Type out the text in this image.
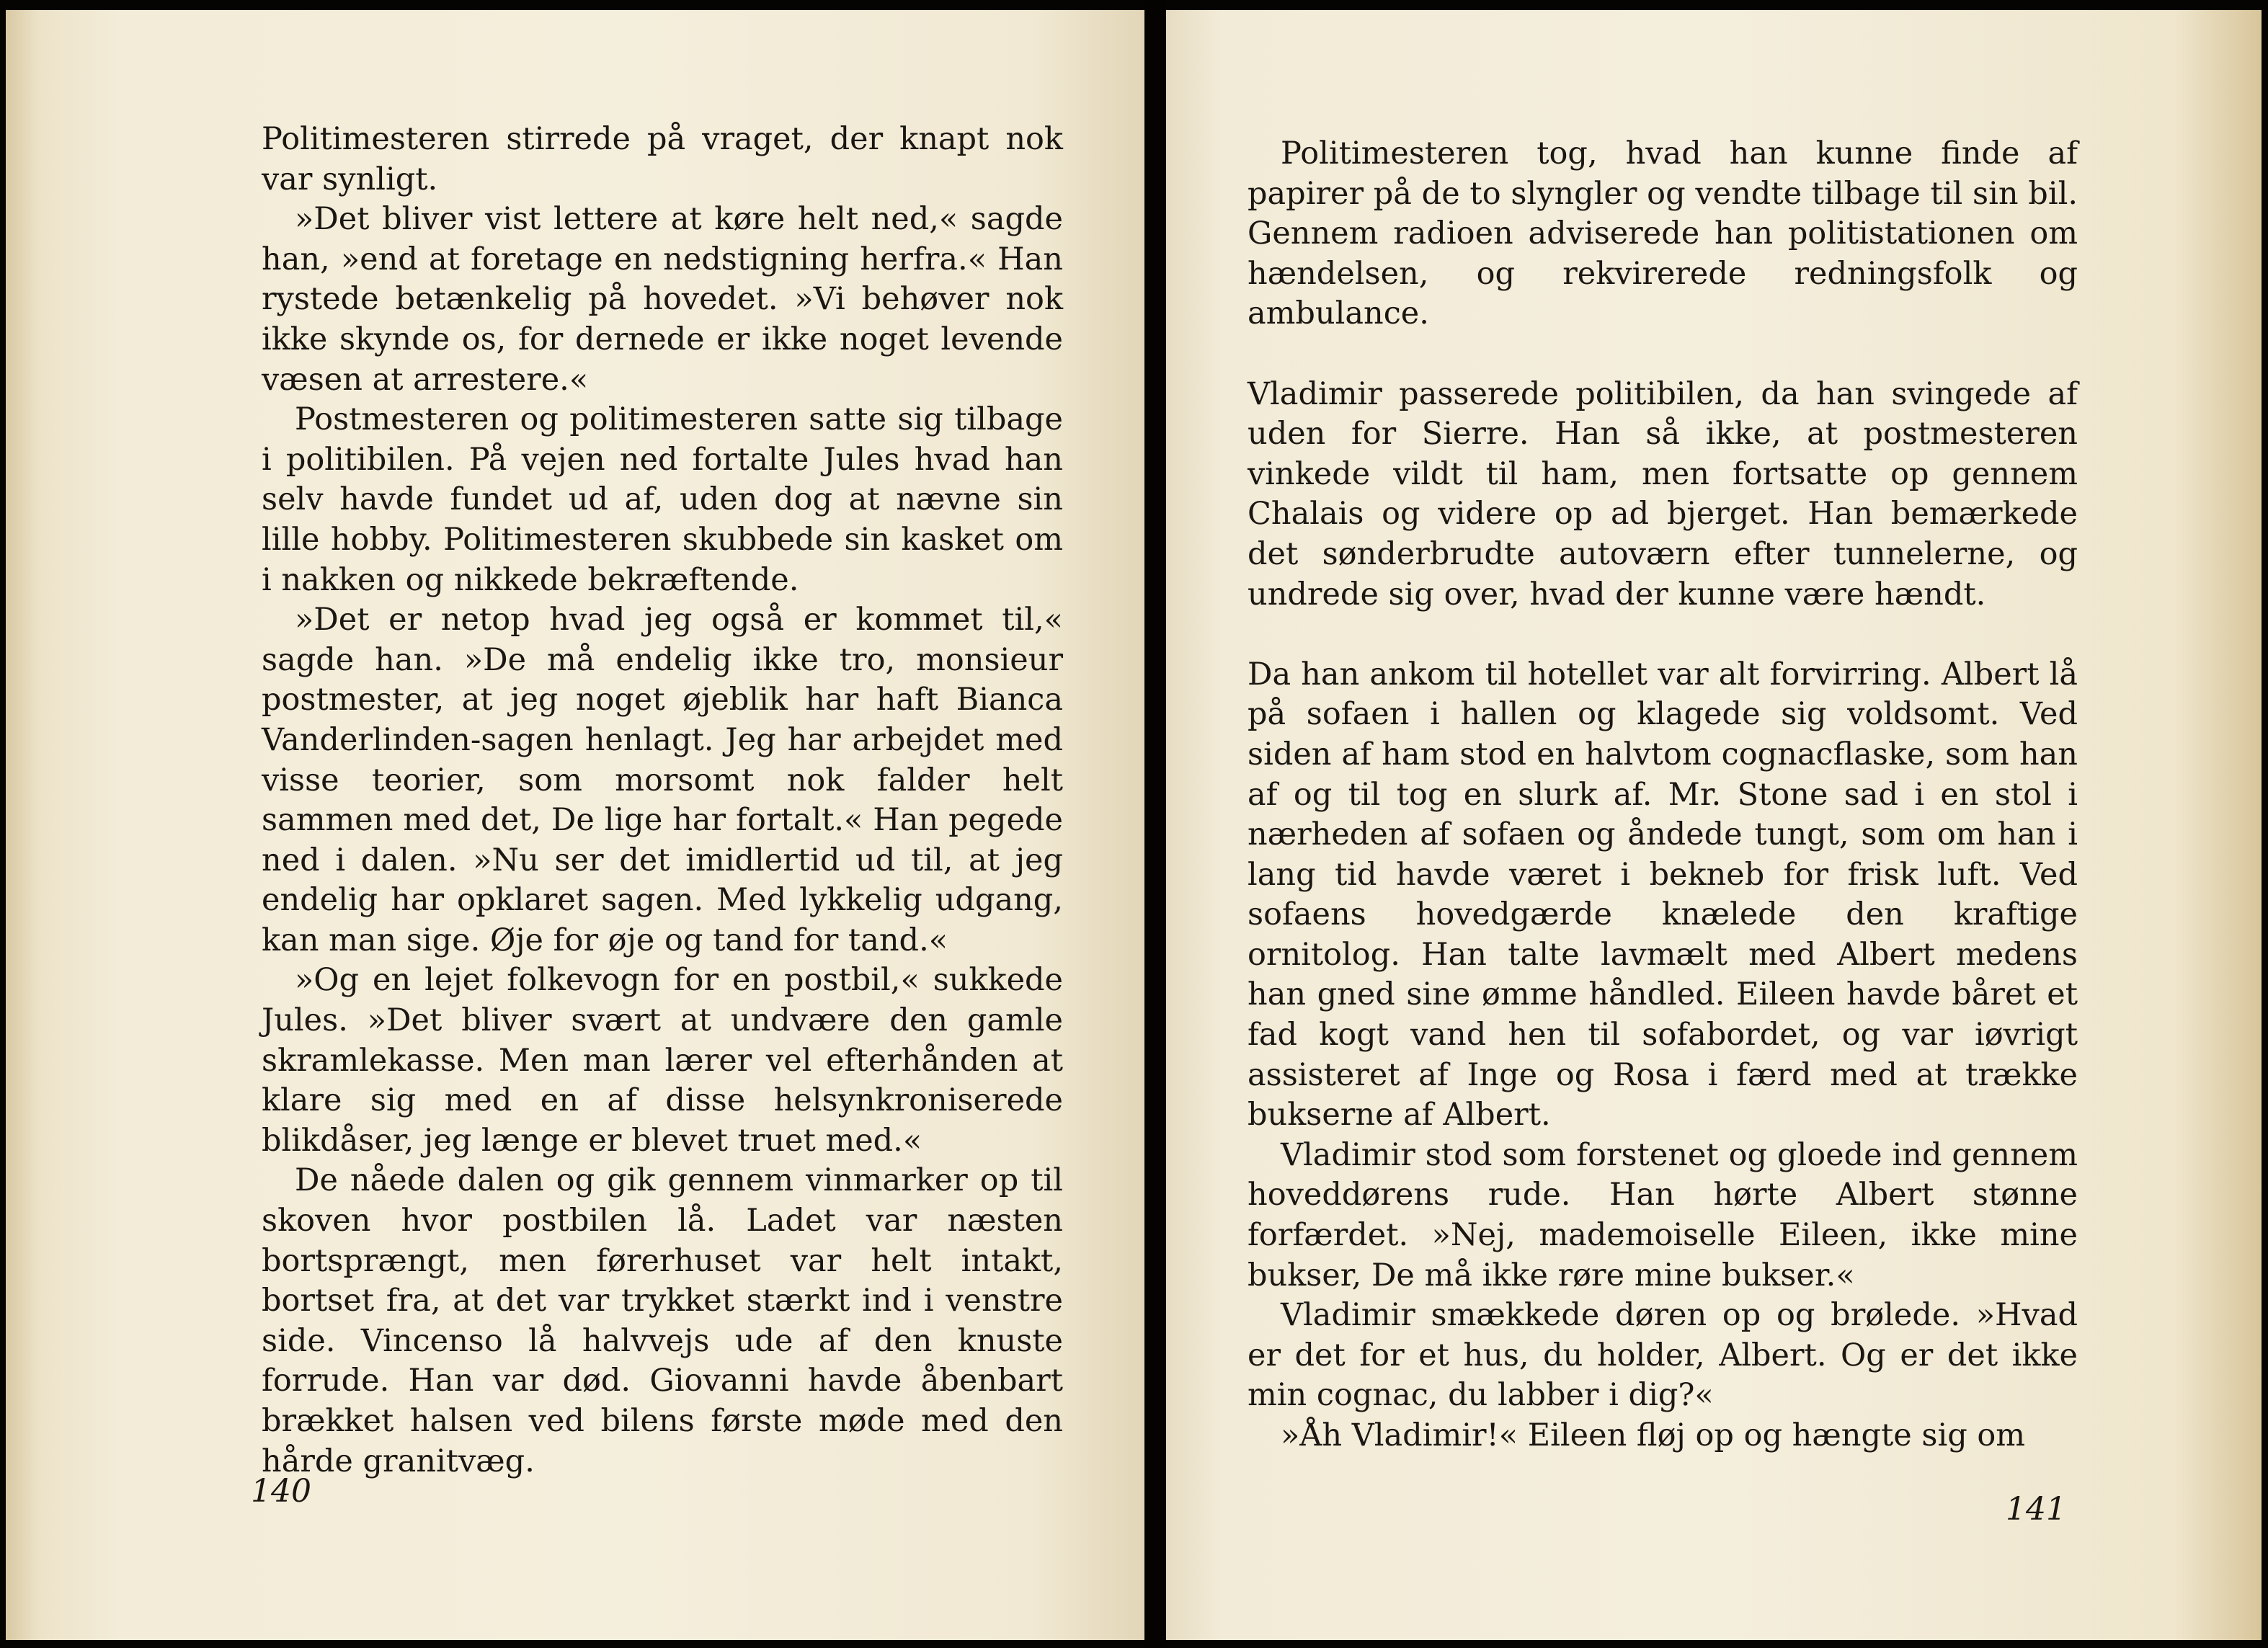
Politimesteren stirrede på vraget, der knapt nok var synligt.

»Det bliver vist lettere at køre helt ned,« sagde han, »end at foretage en nedstigning herfra.« Han rystede betænkelig på hovedet. »Vi behøver nok ikke skynde os, for dernede er ikke noget levende væsen at arrestere.«

Postmesteren og politimesteren satte sig tilbage i politibilen. På vejen ned fortalte Jules hvad han selv havde fundet ud af, uden dog at nævne sin lille hobby. Politimesteren skubbede sin kasket om i nakken og nikkede bekræftende.

»Det er netop hvad jeg også er kommet til,« sagde han. »De må endelig ikke tro, monsieur postmester, at jeg noget øjeblik har haft Bianca Vanderlinden-sagen henlagt. Jeg har arbejdet med visse teorier, som morsomt nok falder helt sammen med det, De lige har fortalt.« Han pegede ned i dalen. »Nu ser det imidlertid ud til, at jeg endelig har opklaret sagen. Med lykkelig udgang, kan man sige. Øje for øje og tand for tand.«

»Og en lejet folkevogn for en postbil,« sukkede Jules. »Det bliver svært at undvære den gamle skramlekasse. Men man lærer vel efterhånden at klare sig med en af disse helsynkroniserede blikdåser, jeg længe er blevet truet med.«

De nåede dalen og gik gennem vinmarker op til skoven hvor postbilen lå. Ladet var næsten bortsprængt, men førerhuset var helt intakt, bortset fra, at det var trykket stærkt ind i venstre side. Vincenso lå halvvejs ude af den knuste forrude. Han var død. Giovanni havde åbenbart brækket halsen ved bilens første møde med den hårde granitvæg.

140

Politimesteren tog, hvad han kunne finde af papirer på de to slyngler og vendte tilbage til sin bil. Gennem radioen adviserede han politistationen om hændelsen, og rekvirerede redningsfolk og ambulance.

Vladimir passerede politibilen, da han svingede af uden for Sierre. Han så ikke, at postmesteren vinkede vildt til ham, men fortsatte op gennem Chalais og videre op ad bjerget. Han bemærkede det sønderbrudte autoværn efter tunnelerne, og undrede sig over, hvad der kunne være hændt.

Da han ankom til hotellet var alt forvirring. Albert lå på sofaen i hallen og klagede sig voldsomt. Ved siden af ham stod en halvtom cognacflaske, som han af og til tog en slurk af. Mr. Stone sad i en stol i nærheden af sofaen og åndede tungt, som om han i lang tid havde været i bekneb for frisk luft. Ved sofaens hovedgærde knælede den kraftige ornitolog. Han talte lavmælt med Albert medens han gned sine ømme håndled. Eileen havde båret et fad kogt vand hen til sofabordet, og var iøvrigt assisteret af Inge og Rosa i færd med at trække bukserne af Albert.

Vladimir stod som forstenet og gloede ind gennem hoveddørens rude. Han hørte Albert stønne forfærdet. »Nej, mademoiselle Eileen, ikke mine bukser, De må ikke røre mine bukser.«

Vladimir smækkede døren op og brølede. »Hvad er det for et hus, du holder, Albert. Og er det ikke min cognac, du labber i dig?«

»Åh Vladimir!« Eileen fløj op og hængte sig om

141
